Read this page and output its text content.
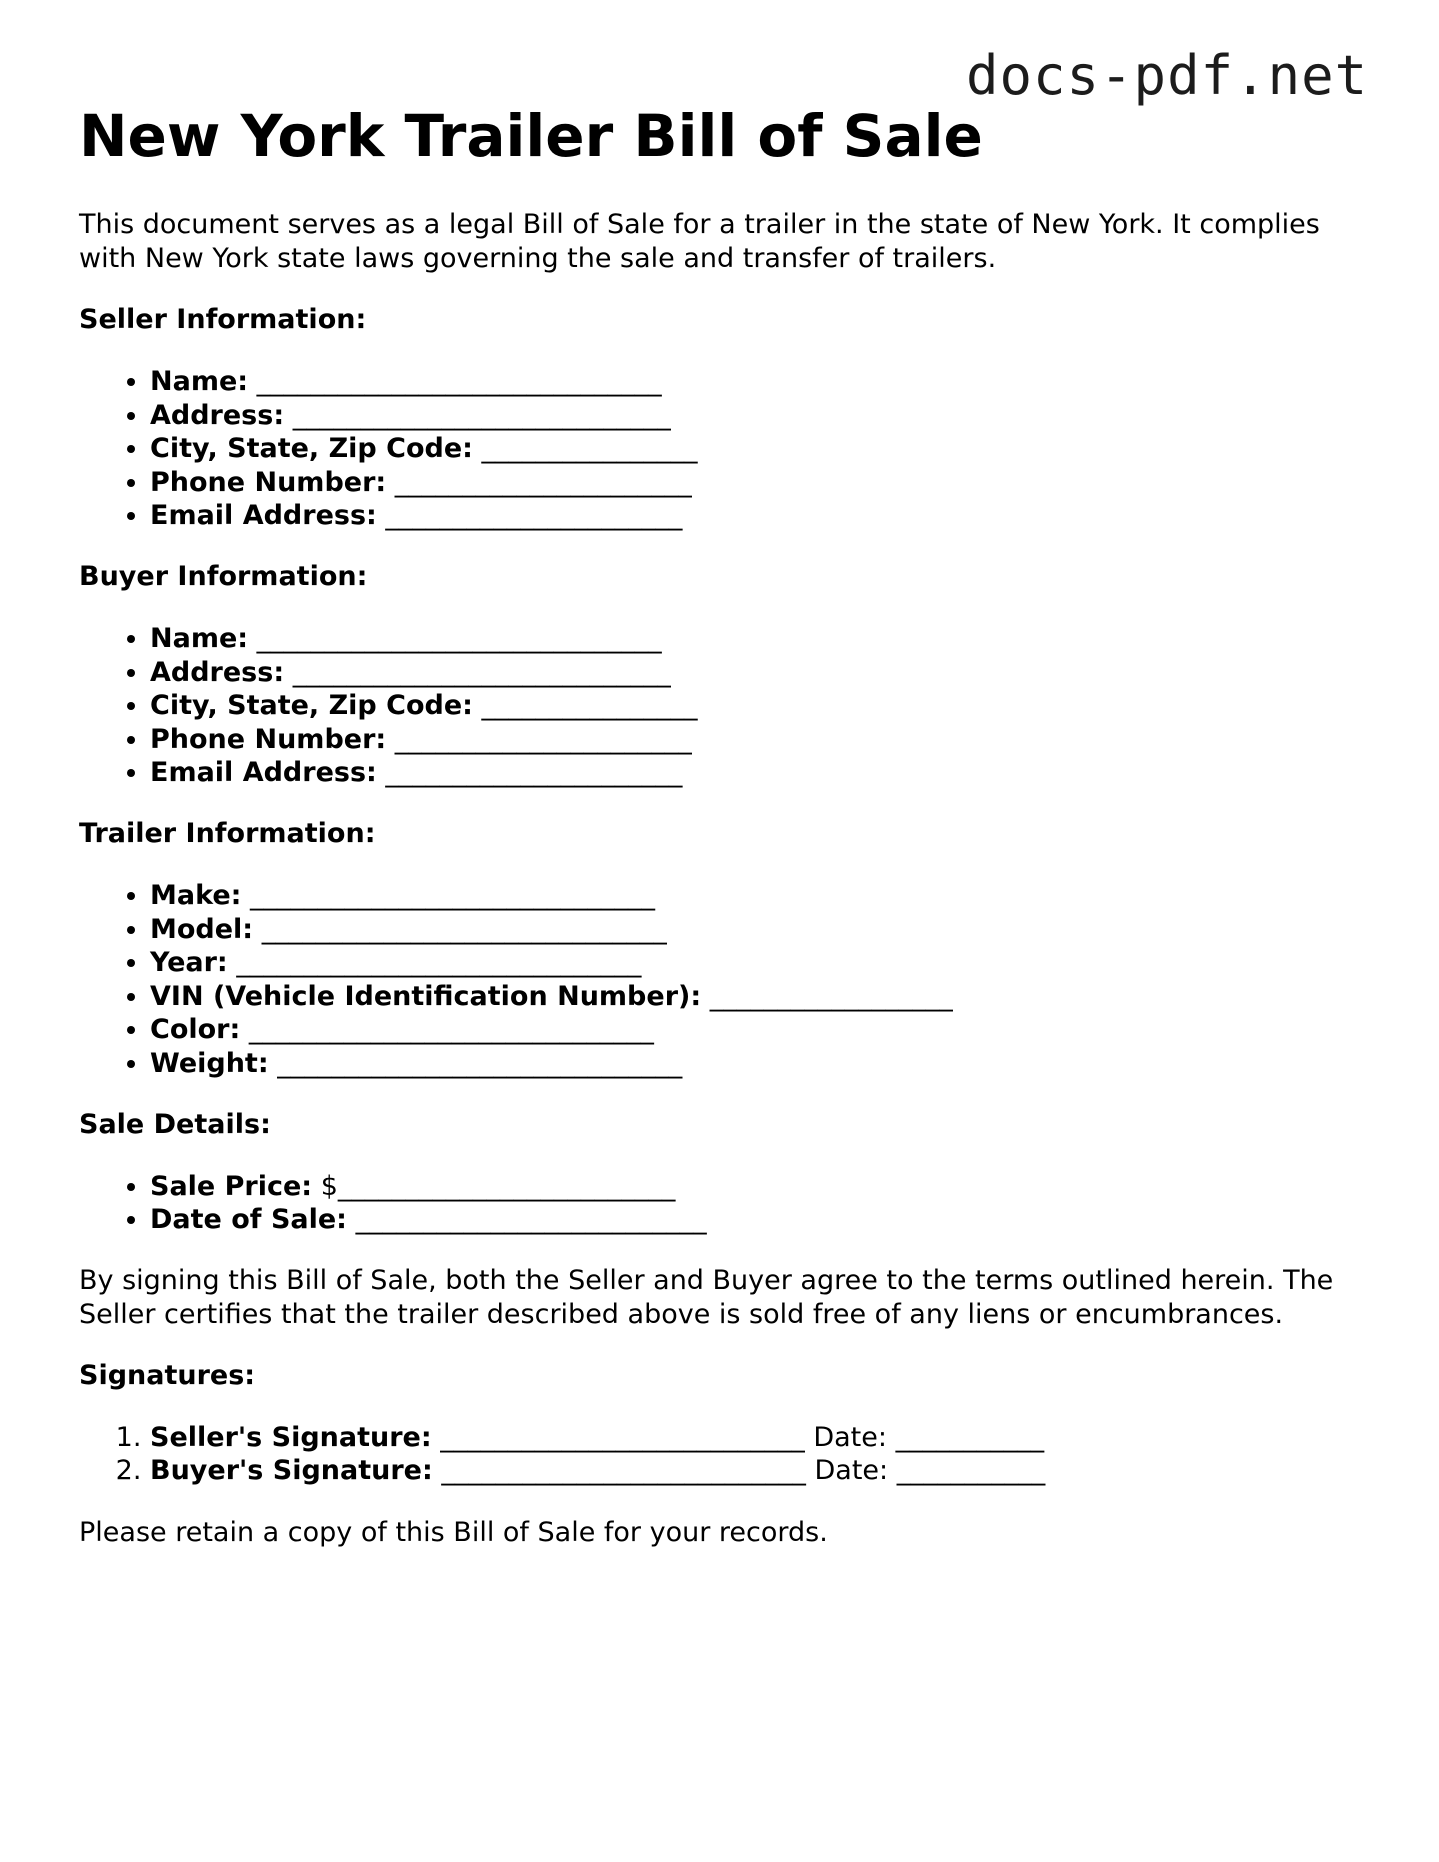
docs-pdf.net
New York Trailer Bill of Sale

This document serves as a legal Bill of Sale for a trailer in the state of New York. It complies with New York state laws governing the sale and transfer of trailers.

Seller Information:
• Name: ______________________________
• Address: ____________________________
• City, State, Zip Code: ________________
• Phone Number: ______________________
• Email Address: ______________________
Buyer Information:
• Name: ______________________________
• Address: ____________________________
• City, State, Zip Code: ________________
• Phone Number: ______________________
• Email Address: ______________________
Trailer Information:
• Make: ______________________________
• Model: ______________________________
• Year: ______________________________
• VIN (Vehicle Identification Number): __________________
• Color: ______________________________
• Weight: ______________________________
Sale Details:
• Sale Price: $_________________________
• Date of Sale: __________________________

By signing this Bill of Sale, both the Seller and Buyer agree to the terms outlined herein. The Seller certifies that the trailer described above is sold free of any liens or encumbrances.

Signatures:
1. Seller's Signature: ___________________________ Date: ___________
2. Buyer's Signature: ___________________________ Date: ___________

Please retain a copy of this Bill of Sale for your records.
